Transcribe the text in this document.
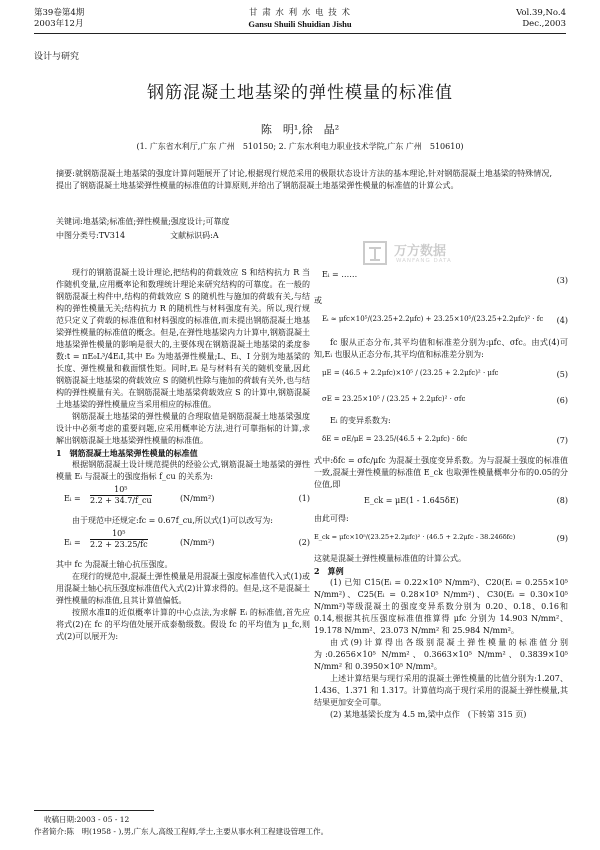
第39卷第4期
2003年12月
甘 肃 水 利 水 电 技 术
Gansu Shuili Shuidian Jishu
Vol.39,No.4
Dec.,2003
设计与研究
钢筋混凝土地基梁的弹性模量的标准值
陈　明¹,徐　晶²
(1. 广东省水利厅,广东 广州　510150; 2. 广东水利电力职业技术学院,广东 广州　510610)
摘要:就钢筋混凝土地基梁的强度计算问题展开了讨论,根据现行规范采用的极限状态设计方法的基本理论,针对钢筋混凝土地基梁的特殊情况,提出了钢筋混凝土地基梁弹性模量的标准值的计算原则,并给出了钢筋混凝土地基梁弹性模量的标准值的计算公式。
关键词:地基梁;标准值;弹性模量;强度设计;可靠度
中图分类号:TV314	文献标识码:A
万方数据
WANFANG DATA

现行的钢筋混凝土设计理论,把结构的荷载效应 S 和结构抗力 R 当作随机变量,应用概率论和数理统计理论来研究结构的可靠度。在一般的钢筋混凝土构件中,结构的荷载效应 S 的随机性与施加的荷载有关,与结构的弹性模量无关;结构抗力 R 的随机性与材料强度有关。所以,现行规范只定义了荷载的标准值和材料强度的标准值,而未提出钢筋混凝土地基梁弹性模量的标准值的概念。但是,在弹性地基梁内力计算中,钢筋混凝土地基梁弹性模量的影响是很大的,主要体现在钢筋混凝土地基梁的柔度参数:t = πE₀L³/4EᵢI,其中 E₀ 为地基弹性模量;L、Eᵢ、I 分别为地基梁的长度、弹性模量和截面惯性矩。同时,Eᵢ 是与材料有关的随机变量,因此钢筋混凝土地基梁的荷载效应 S 的随机性除与施加的荷载有关外,也与结构的弹性模量有关。在钢筋混凝土地基梁荷载效应 S 的计算中,钢筋混凝土地基梁的弹性模量应当采用相应的标准值。

钢筋混凝土地基梁的弹性模量的合理取值是钢筋混凝土地基梁强度设计中必须考虑的重要问题,应采用概率论方法,进行可靠指标的计算,求解出钢筋混凝土地基梁弹性模量的标准值。

1　钢筋混凝土地基梁弹性模量的标准值

根据钢筋混凝土设计规范提供的经验公式,钢筋混凝土地基梁的弹性模量 Eᵢ 与混凝土的强度指标 f_cu 的关系为:

Eᵢ = $\frac{\text{10⁵}}{2.2 + 34.7/f\_cu}$	(N/mm²)	(1)

由于现范中还规定:fc = 0.67f_cu,所以式(1)可以改写为:

Eᵢ = $\frac{\text{10⁵}}{2.2 + 23.25/fc}$	(N/mm²)	(2)

其中 fc 为混凝土轴心抗压强度。

在现行的规范中,混凝土弹性模量是用混凝土强度标准值代入式(1)或用混凝土轴心抗压强度标准值代入式(2)计算求得的。但是,这不是混凝土弹性模量的标准值,且其计算值偏低。

按照水准Ⅱ的近似概率计算的中心点法,为求解 Eᵢ 的标准值,首先应将式(2)在 fc 的平均值处展开成泰勒级数。假设 fc 的平均值为 μ_fc,则式(2)可以展开为:

Eᵢ = ……
(3)
或
Eᵢ ≈ μfc×10⁵/(23.25+2.2μfc) + 23.25×10⁵/(23.25+2.2μfc)² · fc (4)

fc 服从正态分布,其平均值和标准差分别为:μfc、σfc。由式(4)可知,Eᵢ 也服从正态分布,其平均值和标准差分别为:

μE = (46.5 + 2.2μfc)×10⁵ / (23.25 + 2.2μfc)² · μfc	(5)
σE = 23.25×10⁵ / (23.25 + 2.2μfc)² · σfc	(6)

Eᵢ 的变异系数为:

δE = σE/μE = 23.25/(46.5 + 2.2μfc) · δfc	(7)

式中:δfc = σfc/μfc 为混凝土强度变异系数。为与混凝土强度的标准值一致,混凝土弹性模量的标准值 E_ck 也取弹性模量概率分布的0.05的分位值,即

E_ck = μE(1 - 1.645δE)	(8)

由此可得:

E_ck = μfc×10⁵/(23.25+2.2μfc)² · (46.5 + 2.2μfc - 38.246δfc)	(9)

这就是混凝土弹性模量标准值的计算公式。

2　算例

(1) 已知 C15(Eᵢ = 0.22×10⁵ N/mm²)、C20(Eᵢ = 0.255×10⁵ N/mm²)、C25(Eᵢ = 0.28×10⁵ N/mm²)、C30(Eᵢ = 0.30×10⁵ N/mm²)等级混凝土的强度变异系数分别为 0.20、0.18、0.16和 0.14,根据其抗压强度标准值推算得 μfc 分别为 14.903 N/mm²、19.178 N/mm²、23.073 N/mm² 和 25.984 N/mm²。

由式(9)计算得出各级别混凝土弹性模量的标准值分别为:0.2656×10⁵ N/mm²、0.3663×10⁵ N/mm²、0.3839×10⁵ N/mm² 和 0.3950×10⁵ N/mm²。

上述计算结果与现行采用的混凝土弹性模量的比值分别为:1.207、1.436、1.371 和 1.317。计算值均高于现行采用的混凝土弹性模量,其结果更加安全可靠。

(2) 某地基梁长度为 4.5 m,梁中点作　(下转第 315 页)

收稿日期:2003 - 05 - 12
作者简介:陈　明(1958 - ),男,广东人,高级工程师,学士,主要从事水利工程建设管理工作。
